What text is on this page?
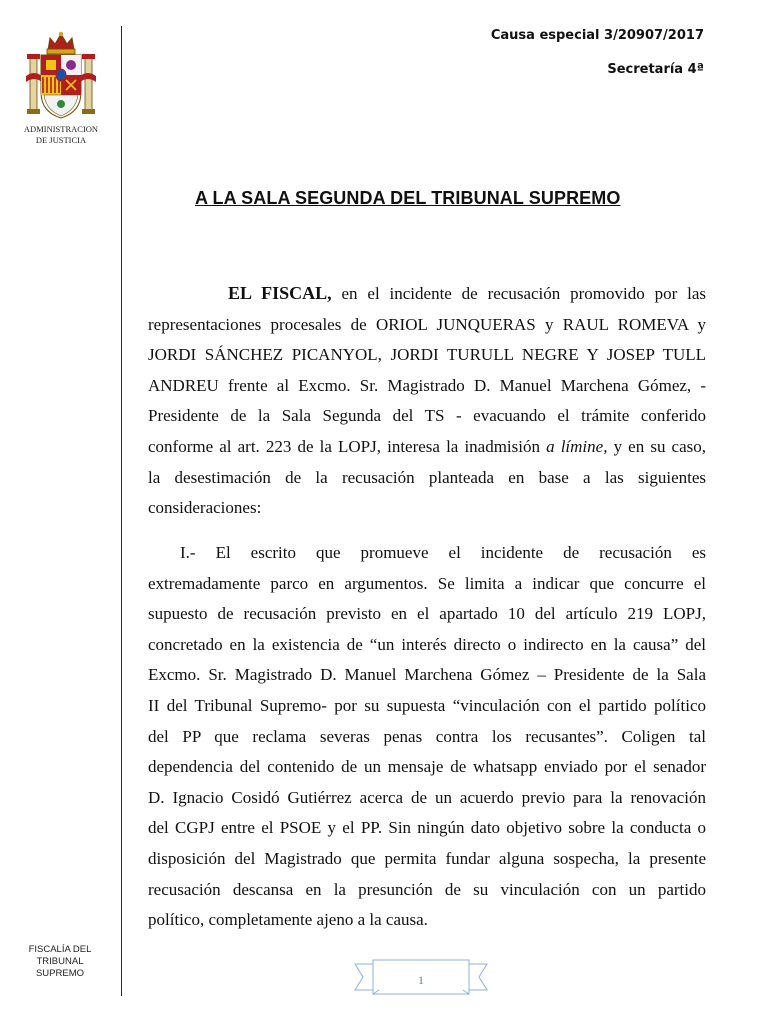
ADMINISTRACION
DE JUSTICIA
Causa especial 3/20907/2017
Secretaría 4ª
A LA SALA SEGUNDA DEL TRIBUNAL SUPREMO
EL FISCAL, en el incidente de recusación promovido por las
representaciones procesales de ORIOL JUNQUERAS y RAUL ROMEVA y
JORDI SÁNCHEZ PICANYOL, JORDI TURULL NEGRE Y JOSEP TULL
ANDREU frente al Excmo. Sr. Magistrado D. Manuel Marchena Gómez, -
Presidente de la Sala Segunda del TS - evacuando el trámite conferido
conforme al art. 223 de la LOPJ, interesa la inadmisión a límine, y en su caso,
la desestimación de la recusación planteada en base a las siguientes
consideraciones:
I.- El escrito que promueve el incidente de recusación es
extremadamente parco en argumentos. Se limita a indicar que concurre el
supuesto de recusación previsto en el apartado 10 del artículo 219 LOPJ,
concretado en la existencia de “un interés directo o indirecto en la causa” del
Excmo. Sr. Magistrado D. Manuel Marchena Gómez – Presidente de la Sala
II del Tribunal Supremo- por su supuesta “vinculación con el partido político
del PP que reclama severas penas contra los recusantes”. Coligen tal
dependencia del contenido de un mensaje de whatsapp enviado por el senador
D. Ignacio Cosidó Gutiérrez acerca de un acuerdo previo para la renovación
del CGPJ entre el PSOE y el PP. Sin ningún dato objetivo sobre la conducta o
disposición del Magistrado que permita fundar alguna sospecha, la presente
recusación descansa en la presunción de su vinculación con un partido
político, completamente ajeno a la causa.
FISCALÍA DEL
TRIBUNAL
SUPREMO	1
